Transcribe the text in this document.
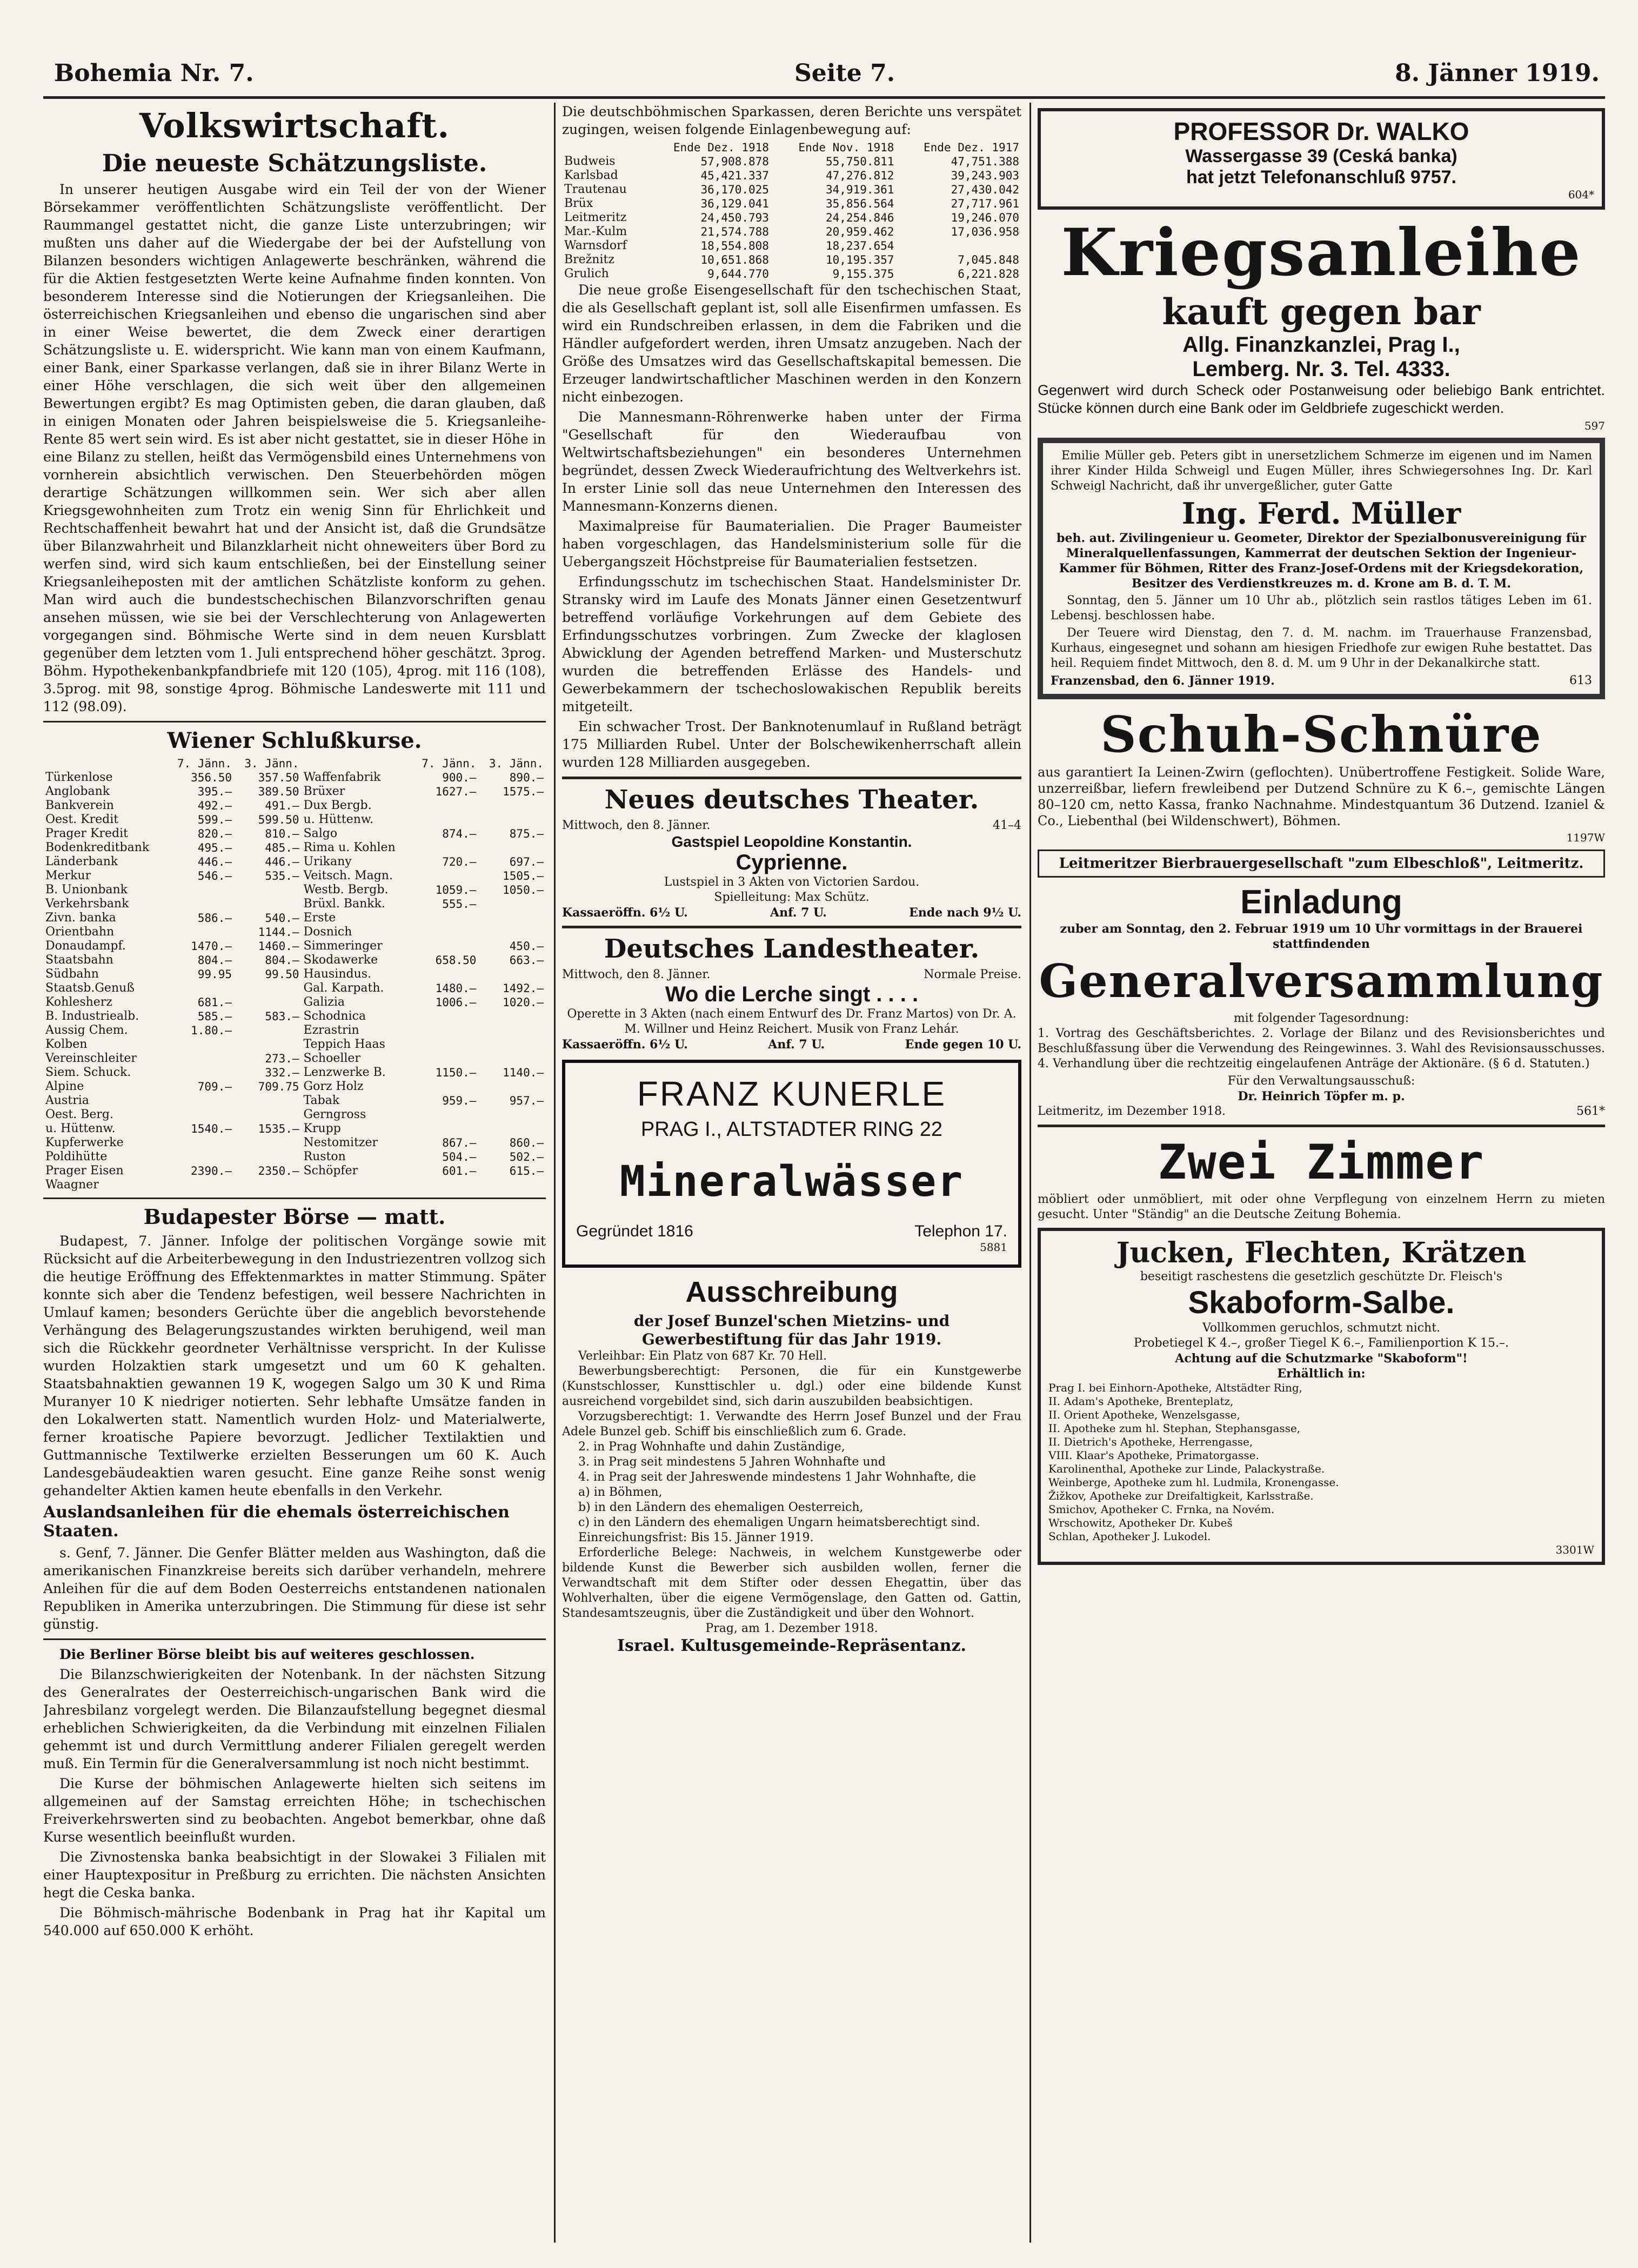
Bohemia Nr. 7.	Seite 7.	8. Jänner 1919.
Volkswirtschaft.
Die neueste Schätzungsliste.

In unserer heutigen Ausgabe wird ein Teil der von der Wiener Börsekammer veröffentlichten Schätzungsliste veröffentlicht. Der Raummangel gestattet nicht, die ganze Liste unterzubringen; wir mußten uns daher auf die Wiedergabe der bei der Aufstellung von Bilanzen besonders wichtigen Anlagewerte beschränken, während die für die Aktien festgesetzten Werte keine Aufnahme finden konnten. Von besonderem Interesse sind die Notierungen der Kriegsanleihen. Die österreichischen Kriegsanleihen und ebenso die ungarischen sind aber in einer Weise bewertet, die dem Zweck einer derartigen Schätzungsliste u. E. widerspricht. Wie kann man von einem Kaufmann, einer Bank, einer Sparkasse verlangen, daß sie in ihrer Bilanz Werte in einer Höhe verschlagen, die sich weit über den allgemeinen Bewertungen ergibt? Es mag Optimisten geben, die daran glauben, daß in einigen Monaten oder Jahren beispielsweise die 5. Kriegsanleihe-Rente 85 wert sein wird. Es ist aber nicht gestattet, sie in dieser Höhe in eine Bilanz zu stellen, heißt das Vermögensbild eines Unternehmens von vornherein absichtlich verwischen. Den Steuerbehörden mögen derartige Schätzungen willkommen sein. Wer sich aber allen Kriegsgewohnheiten zum Trotz ein wenig Sinn für Ehrlichkeit und Rechtschaffenheit bewahrt hat und der Ansicht ist, daß die Grundsätze über Bilanzwahrheit und Bilanzklarheit nicht ohneweiters über Bord zu werfen sind, wird sich kaum entschließen, bei der Einstellung seiner Kriegsanleiheposten mit der amtlichen Schätzliste konform zu gehen. Man wird auch die bundestschechischen Bilanzvorschriften genau ansehen müssen, wie sie bei der Verschlechterung von Anlagewerten vorgegangen sind. Böhmische Werte sind in dem neuen Kursblatt gegenüber dem letzten vom 1. Juli entsprechend höher geschätzt. 3prog. Böhm. Hypothekenbankpfandbriefe mit 120 (105), 4prog. mit 116 (108), 3.5prog. mit 98, sonstige 4prog. Böhmische Landeswerte mit 111 und 112 (98.09).

Wiener Schlußkurse.
	7. Jänn.	3. Jänn.		7. Jänn.	3. Jänn.
Türkenlose	356.50	357.50	Waffenfabrik	900.–	890.–
Anglobank	395.–	389.50	Brüxer	1627.–	1575.–
Bankverein	492.–	491.–	Dux Bergb.		
Oest. Kredit	599.–	599.50	u. Hüttenw.		
Prager Kredit	820.–	810.–	Salgo	874.–	875.–
Bodenkreditbank	495.–	485.–	Rima u. Kohlen		
Länderbank	446.–	446.–	Urikany	720.–	697.–
Merkur	546.–	535.–	Veitsch. Magn.		1505.–
B. Unionbank			Westb. Bergb.	1059.–	1050.–
Verkehrsbank			Brüxl. Bankk.	555.–	
Zivn. banka	586.–	540.–	Erste		
Orientbahn		1144.–	Dosnich		
Donaudampf.	1470.–	1460.–	Simmeringer		450.–
Staatsbahn	804.–	804.–	Skodawerke	658.50	663.–
Südbahn	99.95	99.50	Hausindus.		
Staatsb.Genuß			Gal. Karpath.	1480.–	1492.–
Kohlesherz	681.–		Galizia	1006.–	1020.–
B. Industriealb.	585.–	583.–	Schodnica		
Aussig Chem.	1.80.–		Ezrastrin		
Kolben			Teppich Haas		
Vereinschleiter		273.–	Schoeller		
Siem. Schuck.		332.–	Lenzwerke B.	1150.–	1140.–
Alpine	709.–	709.75	Gorz Holz		
Austria			Tabak	959.–	957.–
Oest. Berg.			Gerngross		
u. Hüttenw.	1540.–	1535.–	Krupp		
Kupferwerke			Nestomitzer	867.–	860.–
Poldihütte			Ruston	504.–	502.–
Prager Eisen	2390.–	2350.–	Schöpfer	601.–	615.–
Waagner					
Budapester Börse — matt.

Budapest, 7. Jänner. Infolge der politischen Vorgänge sowie mit Rücksicht auf die Arbeiterbewegung in den Industriezentren vollzog sich die heutige Eröffnung des Effektenmarktes in matter Stimmung. Später konnte sich aber die Tendenz befestigen, weil bessere Nachrichten in Umlauf kamen; besonders Gerüchte über die angeblich bevorstehende Verhängung des Belagerungszustandes wirkten beruhigend, weil man sich die Rückkehr geordneter Verhältnisse verspricht. In der Kulisse wurden Holzaktien stark umgesetzt und um 60 K gehalten. Staatsbahnaktien gewannen 19 K, wogegen Salgo um 30 K und Rima Muranyer 10 K niedriger notierten. Sehr lebhafte Umsätze fanden in den Lokalwerten statt. Namentlich wurden Holz- und Materialwerte, ferner kroatische Papiere bevorzugt. Jedlicher Textilaktien und Guttmannische Textilwerke erzielten Besserungen um 60 K. Auch Landesgebäudeaktien waren gesucht. Eine ganze Reihe sonst wenig gehandelter Aktien kamen heute ebenfalls in den Verkehr.

Auslandsanleihen für die ehemals österreichischen Staaten.

s. Genf, 7. Jänner. Die Genfer Blätter melden aus Washington, daß die amerikanischen Finanzkreise bereits sich darüber verhandeln, mehrere Anleihen für die auf dem Boden Oesterreichs entstandenen nationalen Republiken in Amerika unterzubringen. Die Stimmung für diese ist sehr günstig.

Die Berliner Börse bleibt bis auf weiteres geschlossen.

Die Bilanzschwierigkeiten der Notenbank. In der nächsten Sitzung des Generalrates der Oesterreichisch-ungarischen Bank wird die Jahresbilanz vorgelegt werden. Die Bilanzaufstellung begegnet diesmal erheblichen Schwierigkeiten, da die Verbindung mit einzelnen Filialen gehemmt ist und durch Vermittlung anderer Filialen geregelt werden muß. Ein Termin für die Generalversammlung ist noch nicht bestimmt.

Die Kurse der böhmischen Anlagewerte hielten sich seitens im allgemeinen auf der Samstag erreichten Höhe; in tschechischen Freiverkehrswerten sind zu beobachten. Angebot bemerkbar, ohne daß Kurse wesentlich beeinflußt wurden.

Die Zivnostenska banka beabsichtigt in der Slowakei 3 Filialen mit einer Hauptexpositur in Preßburg zu errichten. Die nächsten Ansichten hegt die Ceska banka.

Die Böhmisch-mährische Bodenbank in Prag hat ihr Kapital um 540.000 auf 650.000 K erhöht.

Die deutschböhmischen Sparkassen, deren Berichte uns verspätet zugingen, weisen folgende Einlagenbewegung auf:

	Ende Dez. 1918	Ende Nov. 1918	Ende Dez. 1917
Budweis	57,908.878	55,750.811	47,751.388
Karlsbad	45,421.337	47,276.812	39,243.903
Trautenau	36,170.025	34,919.361	27,430.042
Brüx	36,129.041	35,856.564	27,717.961
Leitmeritz	24,450.793	24,254.846	19,246.070
Mar.-Kulm	21,574.788	20,959.462	17,036.958
Warnsdorf	18,554.808	18,237.654	
Brežnitz	10,651.868	10,195.357	7,045.848
Grulich	9,644.770	9,155.375	6,221.828

Die neue große Eisengesellschaft für den tschechischen Staat, die als Gesellschaft geplant ist, soll alle Eisenfirmen umfassen. Es wird ein Rundschreiben erlassen, in dem die Fabriken und die Händler aufgefordert werden, ihren Umsatz anzugeben. Nach der Größe des Umsatzes wird das Gesellschaftskapital bemessen. Die Erzeuger landwirtschaftlicher Maschinen werden in den Konzern nicht einbezogen.

Die Mannesmann-Röhrenwerke haben unter der Firma "Gesellschaft für den Wiederaufbau von Weltwirtschaftsbeziehungen" ein besonderes Unternehmen begründet, dessen Zweck Wiederaufrichtung des Weltverkehrs ist. In erster Linie soll das neue Unternehmen den Interessen des Mannesmann-Konzerns dienen.

Maximalpreise für Baumaterialien. Die Prager Baumeister haben vorgeschlagen, das Handelsministerium solle für die Uebergangszeit Höchstpreise für Baumaterialien festsetzen.

Erfindungsschutz im tschechischen Staat. Handelsminister Dr. Stransky wird im Laufe des Monats Jänner einen Gesetzentwurf betreffend vorläufige Vorkehrungen auf dem Gebiete des Erfindungsschutzes vorbringen. Zum Zwecke der klaglosen Abwicklung der Agenden betreffend Marken- und Musterschutz wurden die betreffenden Erlässe des Handels- und Gewerbekammern der tschechoslowakischen Republik bereits mitgeteilt.

Ein schwacher Trost. Der Banknotenumlauf in Rußland beträgt 175 Milliarden Rubel. Unter der Bolschewikenherrschaft allein wurden 128 Milliarden ausgegeben.

Neues deutsches Theater.
Mittwoch, den 8. Jänner.	41–4
Gastspiel Leopoldine Konstantin.
Cyprienne.
Lustspiel in 3 Akten von Victorien Sardou.
Spielleitung: Max Schütz.
Kassaeröffn. 6½ U.	Anf. 7 U.	Ende nach 9½ U.
Deutsches Landestheater.
Mittwoch, den 8. Jänner.	Normale Preise.
Wo die Lerche singt . . . .
Operette in 3 Akten (nach einem Entwurf des Dr. Franz Martos) von Dr. A. M. Willner und Heinz Reichert. Musik von Franz Lehár.
Kassaeröffn. 6½ U.	Anf. 7 U.	Ende gegen 10 U.
FRANZ KUNERLE
PRAG I., ALTSTADTER RING 22
Mineralwässer
Gegründet 1816	Telephon 17.
5881
Ausschreibung
der Josef Bunzel'schen Mietzins- und Gewerbestiftung für das Jahr 1919.

Verleihbar: Ein Platz von 687 Kr. 70 Hell.

Bewerbungsberechtigt: Personen, die für ein Kunstgewerbe (Kunstschlosser, Kunsttischler u. dgl.) oder eine bildende Kunst ausreichend vorgebildet sind, sich darin auszubilden beabsichtigen.

Vorzugsberechtigt: 1. Verwandte des Herrn Josef Bunzel und der Frau Adele Bunzel geb. Schiff bis einschließlich zum 6. Grade.

2. in Prag Wohnhafte und dahin Zuständige,

3. in Prag seit mindestens 5 Jahren Wohnhafte und

4. in Prag seit der Jahreswende mindestens 1 Jahr Wohnhafte, die

a) in Böhmen,

b) in den Ländern des ehemaligen Oesterreich,

c) in den Ländern des ehemaligen Ungarn heimatsberechtigt sind.

Einreichungsfrist: Bis 15. Jänner 1919.

Erforderliche Belege: Nachweis, in welchem Kunstgewerbe oder bildende Kunst die Bewerber sich ausbilden wollen, ferner die Verwandtschaft mit dem Stifter oder dessen Ehegattin, über das Wohlverhalten, über die eigene Vermögenslage, den Gatten od. Gattin, Standesamtszeugnis, über die Zuständigkeit und über den Wohnort.

Prag, am 1. Dezember 1918.
Israel. Kultusgemeinde-Repräsentanz.
PROFESSOR Dr. WALKO
Wassergasse 39 (Ceská banka)
hat jetzt Telefonanschluß 9757.
604*
Kriegsanleihe
kauft gegen bar
Allg. Finanzkanzlei, Prag I.,
Lemberg. Nr. 3. Tel. 4333.

Gegenwert wird durch Scheck oder Postanweisung oder beliebigo Bank entrichtet. Stücke können durch eine Bank oder im Geldbriefe zugeschickt werden.

597

Emilie Müller geb. Peters gibt in unersetzlichem Schmerze im eigenen und im Namen ihrer Kinder Hilda Schweigl und Eugen Müller, ihres Schwiegersohnes Ing. Dr. Karl Schweigl Nachricht, daß ihr unvergeßlicher, guter Gatte

Ing. Ferd. Müller

beh. aut. Zivilingenieur u. Geometer, Direktor der Spezialbonusvereinigung für Mineralquellenfassungen, Kammerrat der deutschen Sektion der Ingenieur-Kammer für Böhmen, Ritter des Franz-Josef-Ordens mit der Kriegsdekoration, Besitzer des Verdienstkreuzes m. d. Krone am B. d. T. M.

Sonntag, den 5. Jänner um 10 Uhr ab., plötzlich sein rastlos tätiges Leben im 61. Lebensj. beschlossen habe.

Der Teuere wird Dienstag, den 7. d. M. nachm. im Trauerhause Franzensbad, Kurhaus, eingesegnet und sohann am hiesigen Friedhofe zur ewigen Ruhe bestattet. Das heil. Requiem findet Mittwoch, den 8. d. M. um 9 Uhr in der Dekanalkirche statt.

Franzensbad, den 6. Jänner 1919.	613
Schuh-Schnüre

aus garantiert Ia Leinen-Zwirn (geflochten). Unübertroffene Festigkeit. Solide Ware, unzerreißbar, liefern frewleibend per Dutzend Schnüre zu K 6.–, gemischte Längen 80–120 cm, netto Kassa, franko Nachnahme. Mindestquantum 36 Dutzend. Izaniel & Co., Liebenthal (bei Wildenschwert), Böhmen.

1197W
Leitmeritzer Bierbrauergesellschaft "zum Elbeschloß", Leitmeritz.
Einladung
zuber am Sonntag, den 2. Februar 1919 um 10 Uhr vormittags in der Brauerei stattfindenden
Generalversammlung
mit folgender Tagesordnung:

1. Vortrag des Geschäftsberichtes. 2. Vorlage der Bilanz und des Revisionsberichtes und Beschlußfassung über die Verwendung des Reingewinnes. 3. Wahl des Revisionsausschusses. 4. Verhandlung über die rechtzeitig eingelaufenen Anträge der Aktionäre. (§ 6 d. Statuten.)

Für den Verwaltungsausschuß:
Dr. Heinrich Töpfer m. p.
Leitmeritz, im Dezember 1918.	561*
Zwei Zimmer

möbliert oder unmöbliert, mit oder ohne Verpflegung von einzelnem Herrn zu mieten gesucht. Unter "Ständig" an die Deutsche Zeitung Bohemia.

Jucken, Flechten, Krätzen
beseitigt raschestens die gesetzlich geschützte Dr. Fleisch's
Skaboform-Salbe.
Vollkommen geruchlos, schmutzt nicht.
Probetiegel K 4.–, großer Tiegel K 6.–, Familienportion K 15.–.
Achtung auf die Schutzmarke "Skaboform"!
Erhältlich in:
Prag I. bei Einhorn-Apotheke, Altstädter Ring,
II. Adam's Apotheke, Brenteplatz,
II. Orient Apotheke, Wenzelsgasse,
II. Apotheke zum hl. Stephan, Stephansgasse,
II. Dietrich's Apotheke, Herrengasse,
VIII. Klaar's Apotheke, Primatorgasse.
Karolinenthal, Apotheke zur Linde, Palackystraße.
Weinberge, Apotheke zum hl. Ludmila, Kronengasse.
Žižkov, Apotheke zur Dreifaltigkeit, Karlsstraße.
Smichov, Apotheker C. Frnka, na Novém.
Wrschowitz, Apotheker Dr. Kubeš
Schlan, Apotheker J. Lukodel.
3301W
